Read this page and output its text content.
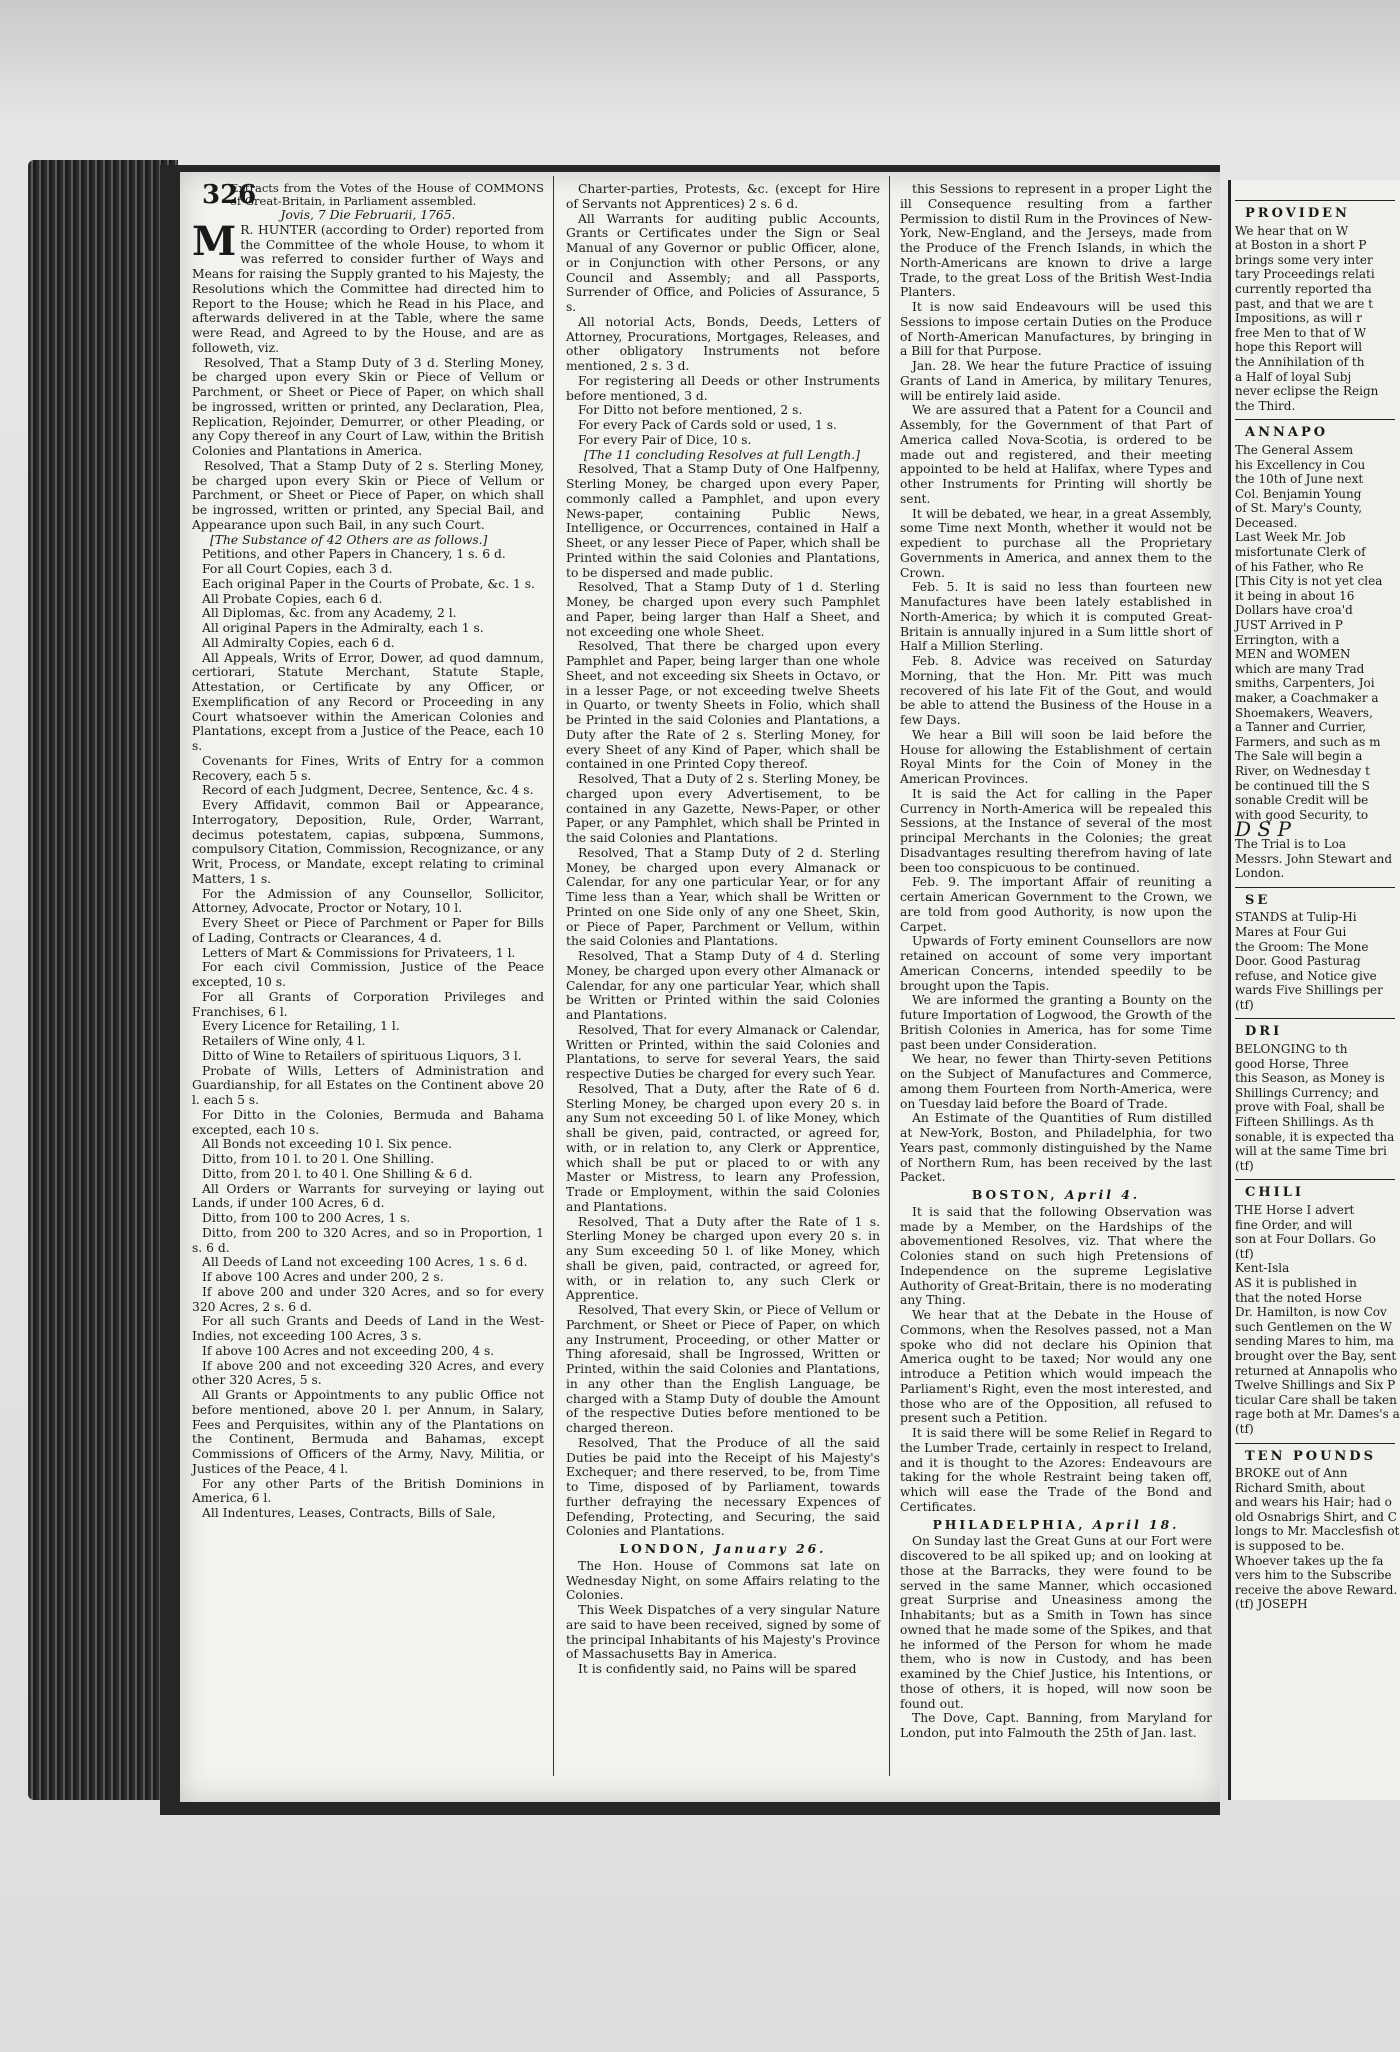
326

Extracts from the Votes of the House of COMMONS of Great-Britain, in Parliament assembled.

Jovis, 7 Die Februarii, 1765.

M R. HUNTER (according to Order) reported from the Committee of the whole House, to whom it was referred to consider further of Ways and Means for raising the Supply granted to his Majesty, the Resolutions which the Committee had directed him to Report to the House; which he Read in his Place, and afterwards delivered in at the Table, where the same were Read, and Agreed to by the House, and are as followeth, viz.

Resolved, That a Stamp Duty of 3 d. Sterling Money, be charged upon every Skin or Piece of Vellum or Parchment, or Sheet or Piece of Paper, on which shall be ingrossed, written or printed, any Declaration, Plea, Replication, Rejoinder, Demurrer, or other Pleading, or any Copy thereof in any Court of Law, within the British Colonies and Plantations in America.

Resolved, That a Stamp Duty of 2 s. Sterling Money, be charged upon every Skin or Piece of Vellum or Parchment, or Sheet or Piece of Paper, on which shall be ingrossed, written or printed, any Special Bail, and Appearance upon such Bail, in any such Court.

[The Substance of 42 Others are as follows.]

Petitions, and other Papers in Chancery, 1 s. 6 d.

For all Court Copies, each 3 d.

Each original Paper in the Courts of Probate, &c. 1 s.

All Probate Copies, each 6 d.

All Diplomas, &c. from any Academy, 2 l.

All original Papers in the Admiralty, each 1 s.

All Admiralty Copies, each 6 d.

All Appeals, Writs of Error, Dower, ad quod damnum, certiorari, Statute Merchant, Statute Staple, Attestation, or Certificate by any Officer, or Exemplification of any Record or Proceeding in any Court whatsoever within the American Colonies and Plantations, except from a Justice of the Peace, each 10 s.

Covenants for Fines, Writs of Entry for a common Recovery, each 5 s.

Record of each Judgment, Decree, Sentence, &c. 4 s.

Every Affidavit, common Bail or Appearance, Interrogatory, Deposition, Rule, Order, Warrant, decimus potestatem, capias, subpœna, Summons, compulsory Citation, Commission, Recognizance, or any Writ, Process, or Mandate, except relating to criminal Matters, 1 s.

For the Admission of any Counsellor, Sollicitor, Attorney, Advocate, Proctor or Notary, 10 l.

Every Sheet or Piece of Parchment or Paper for Bills of Lading, Contracts or Clearances, 4 d.

Letters of Mart & Commissions for Privateers, 1 l.

For each civil Commission, Justice of the Peace excepted, 10 s.

For all Grants of Corporation Privileges and Franchises, 6 l.

Every Licence for Retailing, 1 l.

Retailers of Wine only, 4 l.

Ditto of Wine to Retailers of spirituous Liquors, 3 l.

Probate of Wills, Letters of Administration and Guardianship, for all Estates on the Continent above 20 l. each 5 s.

For Ditto in the Colonies, Bermuda and Bahama excepted, each 10 s.

All Bonds not exceeding 10 l. Six pence.

Ditto, from 10 l. to 20 l. One Shilling.

Ditto, from 20 l. to 40 l. One Shilling & 6 d.

All Orders or Warrants for surveying or laying out Lands, if under 100 Acres, 6 d.

Ditto, from 100 to 200 Acres, 1 s.

Ditto, from 200 to 320 Acres, and so in Proportion, 1 s. 6 d.

All Deeds of Land not exceeding 100 Acres, 1 s. 6 d.

If above 100 Acres and under 200, 2 s.

If above 200 and under 320 Acres, and so for every 320 Acres, 2 s. 6 d.

For all such Grants and Deeds of Land in the West-Indies, not exceeding 100 Acres, 3 s.

If above 100 Acres and not exceeding 200, 4 s.

If above 200 and not exceeding 320 Acres, and every other 320 Acres, 5 s.

All Grants or Appointments to any public Office not before mentioned, above 20 l. per Annum, in Salary, Fees and Perquisites, within any of the Plantations on the Continent, Bermuda and Bahamas, except Commissions of Officers of the Army, Navy, Militia, or Justices of the Peace, 4 l.

For any other Parts of the British Dominions in America, 6 l.

All Indentures, Leases, Contracts, Bills of Sale,

Charter-parties, Protests, &c. (except for Hire of Servants not Apprentices) 2 s. 6 d.

All Warrants for auditing public Accounts, Grants or Certificates under the Sign or Seal Manual of any Governor or public Officer, alone, or in Conjunction with other Persons, or any Council and Assembly; and all Passports, Surrender of Office, and Policies of Assurance, 5 s.

All notorial Acts, Bonds, Deeds, Letters of Attorney, Procurations, Mortgages, Releases, and other obligatory Instruments not before mentioned, 2 s. 3 d.

For registering all Deeds or other Instruments before mentioned, 3 d.

For Ditto not before mentioned, 2 s.

For every Pack of Cards sold or used, 1 s.

For every Pair of Dice, 10 s.

[The 11 concluding Resolves at full Length.]

Resolved, That a Stamp Duty of One Halfpenny, Sterling Money, be charged upon every Paper, commonly called a Pamphlet, and upon every News-paper, containing Public News, Intelligence, or Occurrences, contained in Half a Sheet, or any lesser Piece of Paper, which shall be Printed within the said Colonies and Plantations, to be dispersed and made public.

Resolved, That a Stamp Duty of 1 d. Sterling Money, be charged upon every such Pamphlet and Paper, being larger than Half a Sheet, and not exceeding one whole Sheet.

Resolved, That there be charged upon every Pamphlet and Paper, being larger than one whole Sheet, and not exceeding six Sheets in Octavo, or in a lesser Page, or not exceeding twelve Sheets in Quarto, or twenty Sheets in Folio, which shall be Printed in the said Colonies and Plantations, a Duty after the Rate of 2 s. Sterling Money, for every Sheet of any Kind of Paper, which shall be contained in one Printed Copy thereof.

Resolved, That a Duty of 2 s. Sterling Money, be charged upon every Advertisement, to be contained in any Gazette, News-Paper, or other Paper, or any Pamphlet, which shall be Printed in the said Colonies and Plantations.

Resolved, That a Stamp Duty of 2 d. Sterling Money, be charged upon every Almanack or Calendar, for any one particular Year, or for any Time less than a Year, which shall be Written or Printed on one Side only of any one Sheet, Skin, or Piece of Paper, Parchment or Vellum, within the said Colonies and Plantations.

Resolved, That a Stamp Duty of 4 d. Sterling Money, be charged upon every other Almanack or Calendar, for any one particular Year, which shall be Written or Printed within the said Colonies and Plantations.

Resolved, That for every Almanack or Calendar, Written or Printed, within the said Colonies and Plantations, to serve for several Years, the said respective Duties be charged for every such Year.

Resolved, That a Duty, after the Rate of 6 d. Sterling Money, be charged upon every 20 s. in any Sum not exceeding 50 l. of like Money, which shall be given, paid, contracted, or agreed for, with, or in relation to, any Clerk or Apprentice, which shall be put or placed to or with any Master or Mistress, to learn any Profession, Trade or Employment, within the said Colonies and Plantations.

Resolved, That a Duty after the Rate of 1 s. Sterling Money be charged upon every 20 s. in any Sum exceeding 50 l. of like Money, which shall be given, paid, contracted, or agreed for, with, or in relation to, any such Clerk or Apprentice.

Resolved, That every Skin, or Piece of Vellum or Parchment, or Sheet or Piece of Paper, on which any Instrument, Proceeding, or other Matter or Thing aforesaid, shall be Ingrossed, Written or Printed, within the said Colonies and Plantations, in any other than the English Language, be charged with a Stamp Duty of double the Amount of the respective Duties before mentioned to be charged thereon.

Resolved, That the Produce of all the said Duties be paid into the Receipt of his Majesty's Exchequer; and there reserved, to be, from Time to Time, disposed of by Parliament, towards further defraying the necessary Expences of Defending, Protecting, and Securing, the said Colonies and Plantations.

LONDON, January 26.

The Hon. House of Commons sat late on Wednesday Night, on some Affairs relating to the Colonies.

This Week Dispatches of a very singular Nature are said to have been received, signed by some of the principal Inhabitants of his Majesty's Province of Massachusetts Bay in America.

It is confidently said, no Pains will be spared

this Sessions to represent in a proper Light the ill Consequence resulting from a farther Permission to distil Rum in the Provinces of New-York, New-England, and the Jerseys, made from the Produce of the French Islands, in which the North-Americans are known to drive a large Trade, to the great Loss of the British West-India Planters.

It is now said Endeavours will be used this Sessions to impose certain Duties on the Produce of North-American Manufactures, by bringing in a Bill for that Purpose.

Jan. 28. We hear the future Practice of issuing Grants of Land in America, by military Tenures, will be entirely laid aside.

We are assured that a Patent for a Council and Assembly, for the Government of that Part of America called Nova-Scotia, is ordered to be made out and registered, and their meeting appointed to be held at Halifax, where Types and other Instruments for Printing will shortly be sent.

It will be debated, we hear, in a great Assembly, some Time next Month, whether it would not be expedient to purchase all the Proprietary Governments in America, and annex them to the Crown.

Feb. 5. It is said no less than fourteen new Manufactures have been lately established in North-America; by which it is computed Great-Britain is annually injured in a Sum little short of Half a Million Sterling.

Feb. 8. Advice was received on Saturday Morning, that the Hon. Mr. Pitt was much recovered of his late Fit of the Gout, and would be able to attend the Business of the House in a few Days.

We hear a Bill will soon be laid before the House for allowing the Establishment of certain Royal Mints for the Coin of Money in the American Provinces.

It is said the Act for calling in the Paper Currency in North-America will be repealed this Sessions, at the Instance of several of the most principal Merchants in the Colonies; the great Disadvantages resulting therefrom having of late been too conspicuous to be continued.

Feb. 9. The important Affair of reuniting a certain American Government to the Crown, we are told from good Authority, is now upon the Carpet.

Upwards of Forty eminent Counsellors are now retained on account of some very important American Concerns, intended speedily to be brought upon the Tapis.

We are informed the granting a Bounty on the future Importation of Logwood, the Growth of the British Colonies in America, has for some Time past been under Consideration.

We hear, no fewer than Thirty-seven Petitions on the Subject of Manufactures and Commerce, among them Fourteen from North-America, were on Tuesday laid before the Board of Trade.

An Estimate of the Quantities of Rum distilled at New-York, Boston, and Philadelphia, for two Years past, commonly distinguished by the Name of Northern Rum, has been received by the last Packet.

BOSTON, April 4.

It is said that the following Observation was made by a Member, on the Hardships of the abovementioned Resolves, viz. That where the Colonies stand on such high Pretensions of Independence on the supreme Legislative Authority of Great-Britain, there is no moderating any Thing.

We hear that at the Debate in the House of Commons, when the Resolves passed, not a Man spoke who did not declare his Opinion that America ought to be taxed; Nor would any one introduce a Petition which would impeach the Parliament's Right, even the most interested, and those who are of the Opposition, all refused to present such a Petition.

It is said there will be some Relief in Regard to the Lumber Trade, certainly in respect to Ireland, and it is thought to the Azores: Endeavours are taking for the whole Restraint being taken off, which will ease the Trade of the Bond and Certificates.

PHILADELPHIA, April 18.

On Sunday last the Great Guns at our Fort were discovered to be all spiked up; and on looking at those at the Barracks, they were found to be served in the same Manner, which occasioned great Surprise and Uneasiness among the Inhabitants; but as a Smith in Town has since owned that he made some of the Spikes, and that he informed of the Person for whom he made them, who is now in Custody, and has been examined by the Chief Justice, his Intentions, or those of others, it is hoped, will now soon be found out.

The Dove, Capt. Banning, from Maryland for London, put into Falmouth the 25th of Jan. last.

PROVIDEN

We hear that on W

at Boston in a short P

brings some very inter

tary Proceedings relati

currently reported tha

past, and that we are t

Impositions, as will r

free Men to that of W

hope this Report will

the Annihilation of th

a Half of loyal Subj

never eclipse the Reign

the Third.

ANNAPO

The General Assem

his Excellency in Cou

the 10th of June next

Col. Benjamin Young

of St. Mary's County,

Deceased.

Last Week Mr. Job

misfortunate Clerk of

of his Father, who Re

[This City is not yet clea

it being in about 16

Dollars have croa'd

JUST Arrived in P

Errington, with a

MEN and WOMEN

which are many Trad

smiths, Carpenters, Joi

maker, a Coachmaker a

Shoemakers, Weavers,

a Tanner and Currier,

Farmers, and such as m

The Sale will begin a

River, on Wednesday t

be continued till the S

sonable Credit will be

with good Security, to

D S P

The Trial is to Loa

Messrs. John Stewart and

London.

SE

STANDS at Tulip-Hi

Mares at Four Gui

the Groom: The Mone

Door. Good Pasturag

refuse, and Notice give

wards Five Shillings per

(tf)

DRI

BELONGING to th

good Horse, Three

this Season, as Money is

Shillings Currency; and

prove with Foal, shall be

Fifteen Shillings. As th

sonable, it is expected tha

will at the same Time bri

(tf)

CHILI

THE Horse I advert

fine Order, and will

son at Four Dollars. Go

(tf)

Kent-Isla

AS it is published in

that the noted Horse

Dr. Hamilton, is now Cov

such Gentlemen on the W

sending Mares to him, ma

brought over the Bay, sent

returned at Annapolis who

Twelve Shillings and Six P

ticular Care shall be taken

rage both at Mr. Dames's a

(tf)

TEN POUNDS

BROKE out of Ann

Richard Smith, about

and wears his Hair; had o

old Osnabrigs Shirt, and C

longs to Mr. Macclesfish ot

is supposed to be.

Whoever takes up the fa

vers him to the Subscribe

receive the above Reward.

(tf) JOSEPH
